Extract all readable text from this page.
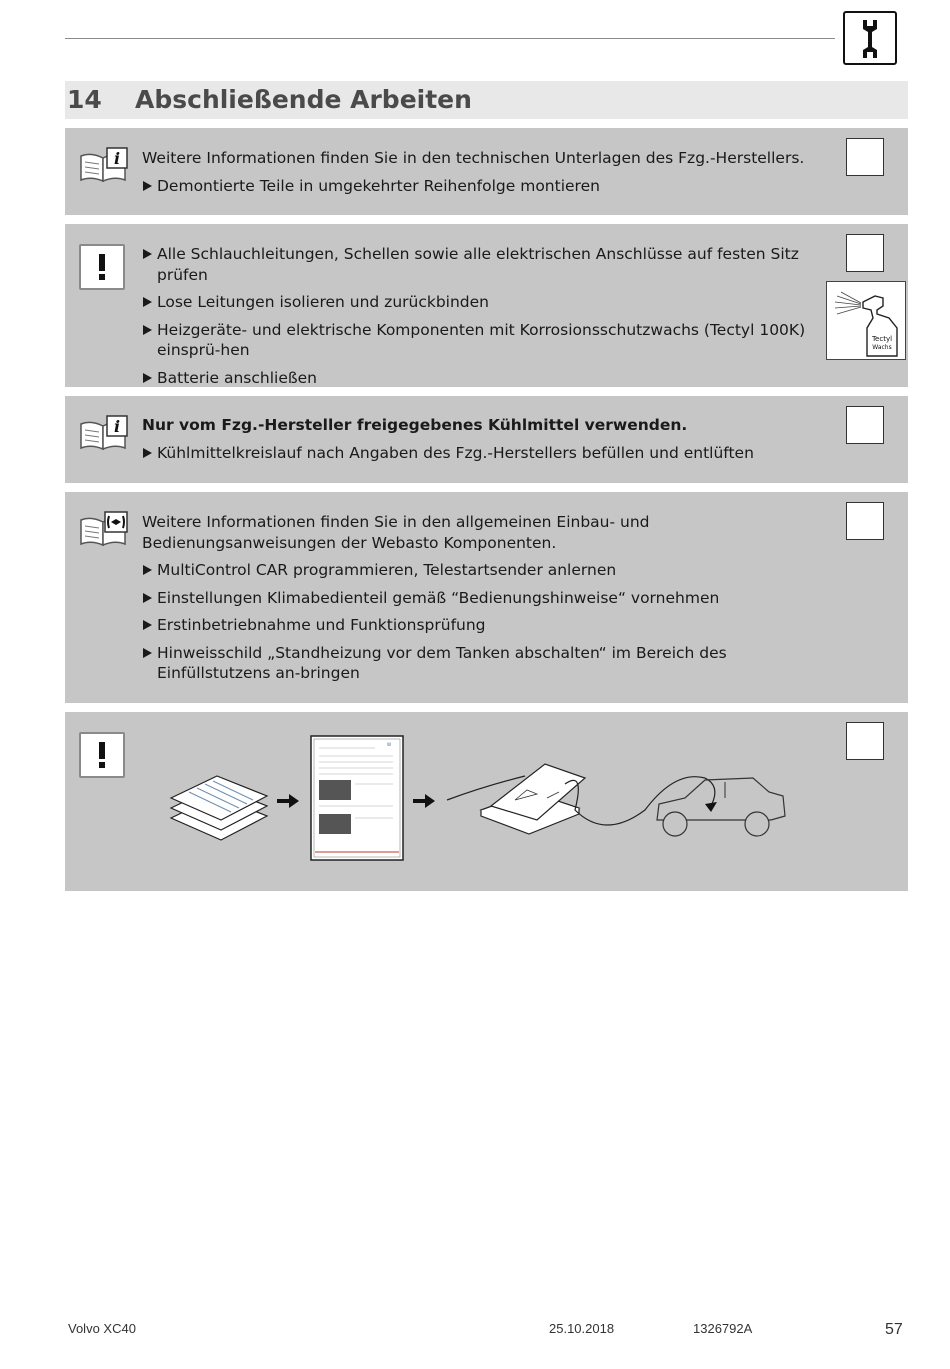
14 Abschließende Arbeiten
i Weitere Informationen finden Sie in den technischen Unterlagen des Fzg.-Herstellers.

Demontierte Teile in umgekehrter Reihenfolge montieren
Alle Schlauchleitungen, Schellen sowie alle elektrischen Anschlüsse auf festen Sitz prüfen
Lose Leitungen isolieren und zurückbinden
Heizgeräte- und elektrische Komponenten mit Korrosionsschutzwachs (Tectyl 100K) einsprü-hen
Batterie anschließen
Tectyl
Wachs
i Nur vom Fzg.-Hersteller freigegebenes Kühlmittel verwenden.

Kühlmittelkreislauf nach Angaben des Fzg.-Herstellers befüllen und entlüften

Weitere Informationen finden Sie in den allgemeinen Einbau- und Bedienungsanweisungen der Webasto Komponenten.

MultiControl CAR programmieren, Telestartsender anlernen
Einstellungen Klimabedienteil gemäß “Bedienungshinweise“ vornehmen
Erstinbetriebnahme und Funktionsprüfung
Hinweisschild „Standheizung vor dem Tanken abschalten“ im Bereich des Einfüllstutzens an-bringen
W
Volvo XC40	25.10.2018	1326792A	57
